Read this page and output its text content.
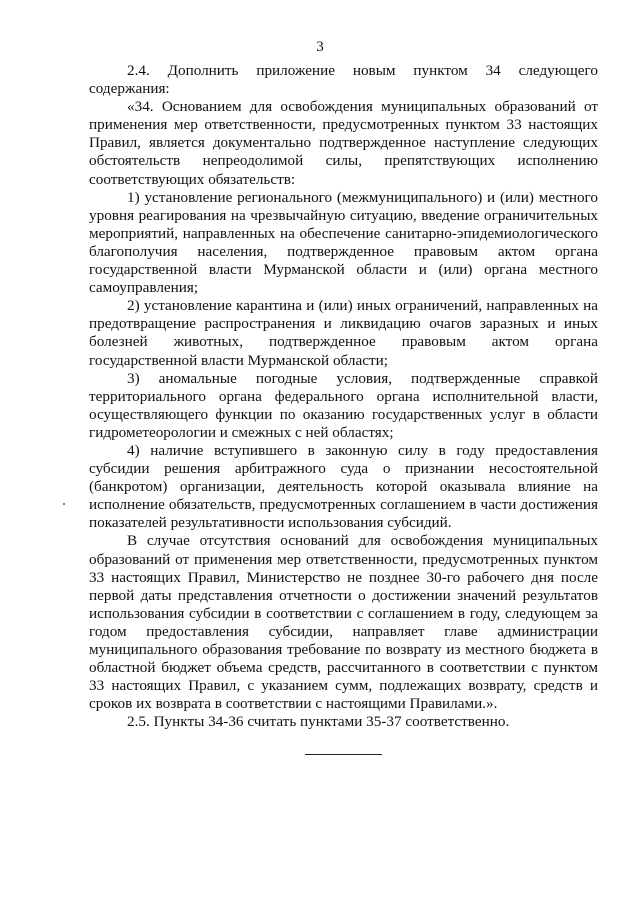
3

2.4. Дополнить приложение новым пунктом 34 следующего содержания:

«34. Основанием для освобождения муниципальных образований от применения мер ответственности, предусмотренных пунктом 33 настоящих Правил, является документально подтвержденное наступление следующих обстоятельств непреодолимой силы, препятствующих исполнению соответствующих обязательств:

1) установление регионального (межмуниципального) и (или) местного уровня реагирования на чрезвычайную ситуацию, введение ограничительных мероприятий, направленных на обеспечение санитарно-эпидемиологического благополучия населения, подтвержденное правовым актом органа государственной власти Мурманской области и (или) органа местного самоуправления;

2) установление карантина и (или) иных ограничений, направленных на предотвращение распространения и ликвидацию очагов заразных и иных болезней животных, подтвержденное правовым актом органа государственной власти Мурманской области;

3) аномальные погодные условия, подтвержденные справкой территориального органа федерального органа исполнительной власти, осуществляющего функции по оказанию государственных услуг в области гидрометеорологии и смежных с ней областях;

4) наличие вступившего в законную силу в году предоставления субсидии решения арбитражного суда о признании несостоятельной (банкротом) организации, деятельность которой оказывала влияние на исполнение обязательств, предусмотренных соглашением в части достижения показателей результативности использования субсидий.

В случае отсутствия оснований для освобождения муниципальных образований от применения мер ответственности, предусмотренных пунктом 33 настоящих Правил, Министерство не позднее 30-го рабочего дня после первой даты представления отчетности о достижении значений результатов использования субсидии в соответствии с соглашением в году, следующем за годом предоставления субсидии, направляет главе администрации муниципального образования требование по возврату из местного бюджета в областной бюджет объема средств, рассчитанного в соответствии с пунктом 33 настоящих Правил, с указанием сумм, подлежащих возврату, средств и сроков их возврата в соответствии с настоящими Правилами.».

2.5. Пункты 34-36 считать пунктами 35-37 соответственно.
